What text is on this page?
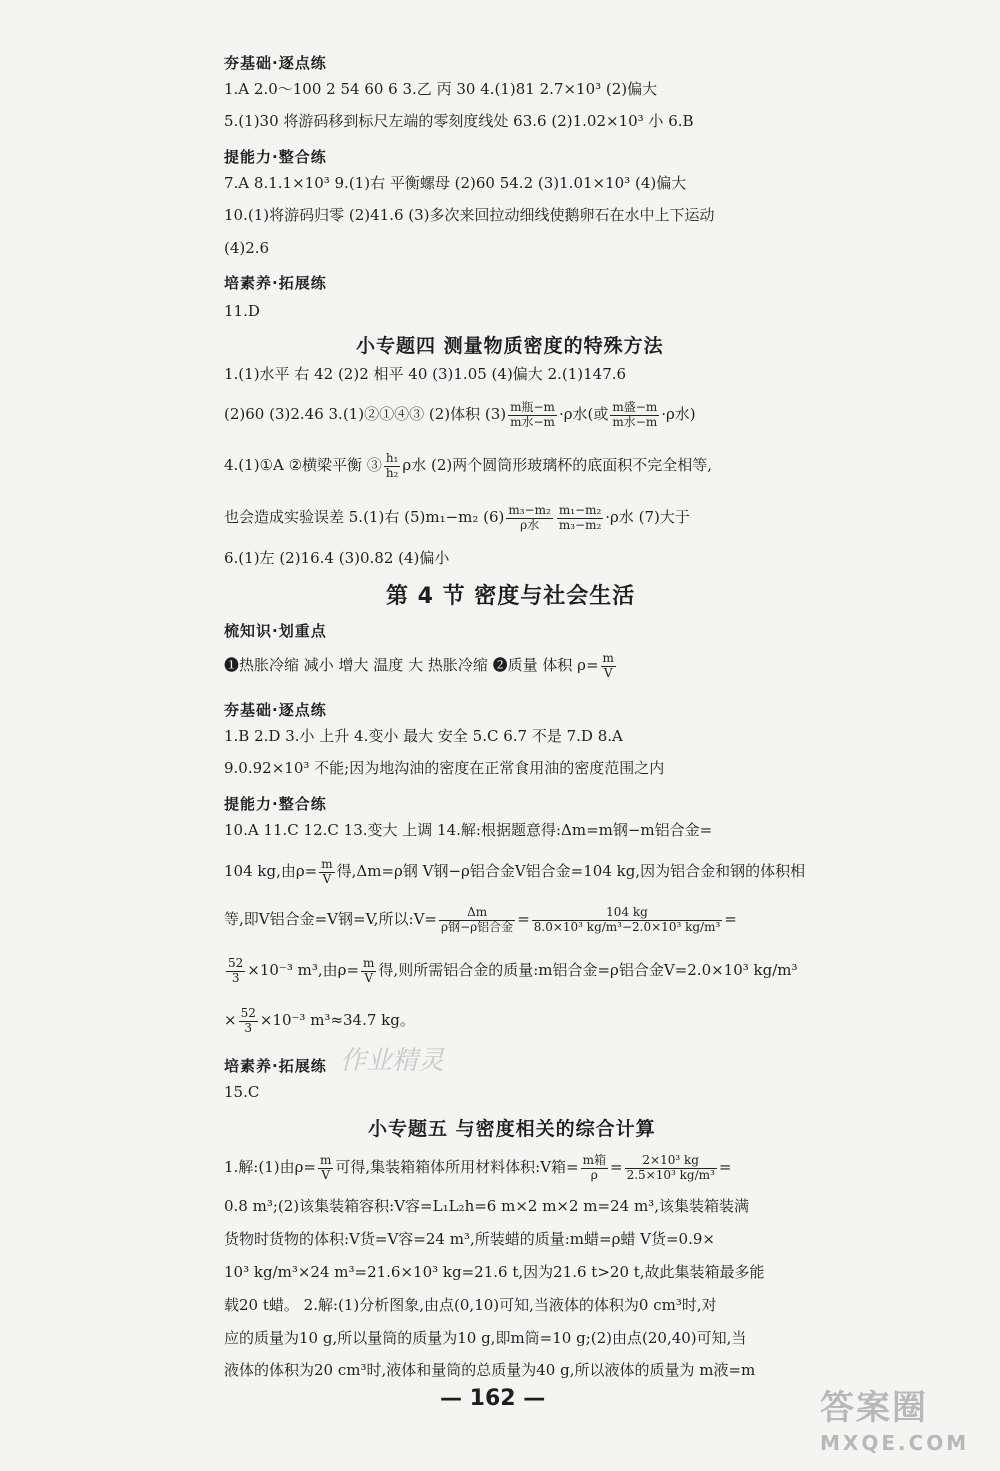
夯基础·逐点练
1.A 2.0～100 2 54 60 6 3.乙 丙 30 4.(1)81 2.7×10³ (2)偏大
5.(1)30 将游码移到标尺左端的零刻度线处 63.6 (2)1.02×10³ 小 6.B
提能力·整合练
7.A 8.1.1×10³ 9.(1)右 平衡螺母 (2)60 54.2 (3)1.01×10³ (4)偏大
10.(1)将游码归零 (2)41.6 (3)多次来回拉动细线使鹅卵石在水中上下运动
(4)2.6
培素养·拓展练
11.D
小专题四 测量物质密度的特殊方法
1.(1)水平 右 42 (2)2 相平 40 (3)1.05 (4)偏大 2.(1)147.6
(2)60 (3)2.46 3.(1)②①④③ (2)体积 $(3) \frac{\text{m瓶−m}}{\text{m水−m}} \cdot\rho$水(或 $\frac{\text{m盛−m}}{\text{m水−m}} \cdot\rho$水)
4.(1)①A ②横梁平衡 ③ $\frac{\text{h₁}}{\text{h₂}}$ ρ水 (2)两个圆筒形玻璃杯的底面积不完全相等,
也会造成实验误差 5.(1)右 (5)m₁−m₂ $(6) \frac{\text{m₃−m₂}}{\text{ρ水}} \frac{\text{m₁−m₂}}{\text{m₃−m₂}} \cdot\rho$水 (7)大于
6.(1)左 (2)16.4 (3)0.82 (4)偏小
第 4 节 密度与社会生活
梳知识·划重点
❶热胀冷缩 减小 增大 温度 大 热胀冷缩 ❷质量 体积 $\rho= \frac{m}{V}$
夯基础·逐点练
1.B 2.D 3.小 上升 4.变小 最大 安全 5.C 6.7 不是 7.D 8.A
9.0.92×10³ 不能;因为地沟油的密度在正常食用油的密度范围之内
提能力·整合练
10.A 11.C 12.C 13.变大 上调 14.解:根据题意得:Δm=m钢−m铝合金=
104 kg,由$\rho= \frac{m}{V}$ 得,Δm=ρ钢 V钢−ρ铝合金V铝合金=104 kg,因为铝合金和钢的体积相
等,即V铝合金=V钢=V,所以:V= $\frac{\Delta m}{\text{ρ钢−ρ铝合金}} = \frac{104 kg}{\text{8.0×10³ kg/m³−2.0×10³ kg/m³}}$ =
$\frac{52}{3} \times 10^{-3}$ m³,由$\rho= \frac{m}{V}$ 得,则所需铝合金的质量:m铝合金=ρ铝合金V=2.0×10³ kg/m³
× $\frac{52}{3} \times 10^{-3}$ m³≈34.7 kg。
作业精灵
培素养·拓展练
15.C
小专题五 与密度相关的综合计算
1.解:(1)由$\rho= \frac{m}{V}$ 可得,集装箱箱体所用材料体积:V箱= $\frac{\text{m箱}}{\rho} = \frac{\text{2×10³ kg}}{\text{2.5×10³ kg/m³}}$ =
0.8 m³;(2)该集装箱容积:V容=L₁L₂h=6 m×2 m×2 m=24 m³,该集装箱装满
货物时货物的体积:V货=V容=24 m³,所装蜡的质量:m蜡=ρ蜡 V货=0.9×
10³ kg/m³×24 m³=21.6×10³ kg=21.6 t,因为21.6 t>20 t,故此集装箱最多能
载20 t蜡。 2.解:(1)分析图象,由点(0,10)可知,当液体的体积为0 cm³时,对
应的质量为10 g,所以量筒的质量为10 g,即m筒=10 g;(2)由点(20,40)可知,当
液体的体积为20 cm³时,液体和量筒的总质量为40 g,所以液体的质量为 m液=m
— 162 —	答案圈
MXQE.COM
